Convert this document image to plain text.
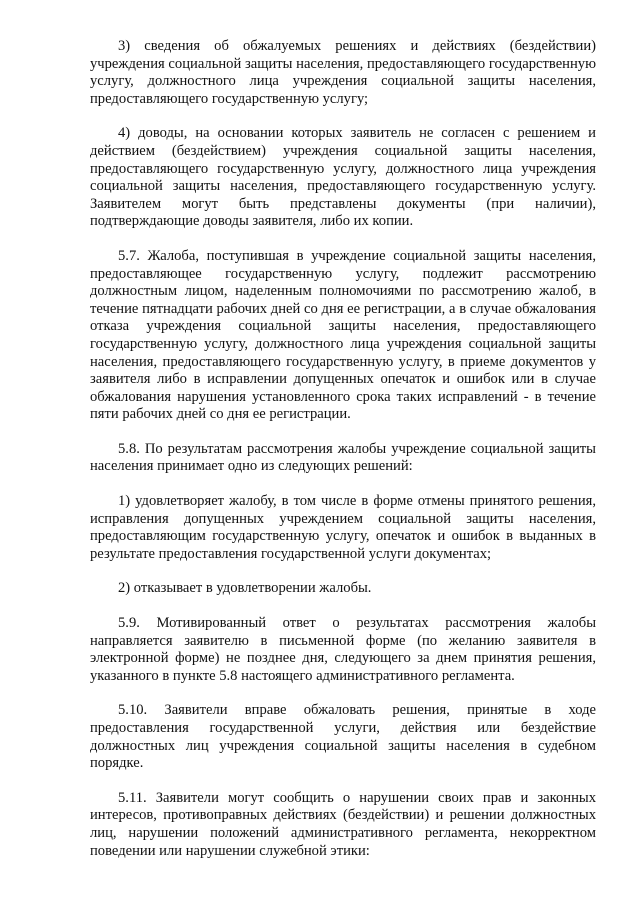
3) сведения об обжалуемых решениях и действиях (бездействии) учреждения социальной защиты населения, предоставляющего государственную услугу, должностного лица учреждения социальной защиты населения, предоставляющего государственную услугу;

4) доводы, на основании которых заявитель не согласен с решением и действием (бездействием) учреждения социальной защиты населения, предоставляющего государственную услугу, должностного лица учреждения социальной защиты населения, предоставляющего государственную услугу. Заявителем могут быть представлены документы (при наличии), подтверждающие доводы заявителя, либо их копии.

5.7. Жалоба, поступившая в учреждение социальной защиты населения, предоставляющее государственную услугу, подлежит рассмотрению должностным лицом, наделенным полномочиями по рассмотрению жалоб, в течение пятнадцати рабочих дней со дня ее регистрации, а в случае обжалования отказа учреждения социальной защиты населения, предоставляющего государственную услугу, должностного лица учреждения социальной защиты населения, предоставляющего государственную услугу, в приеме документов у заявителя либо в исправлении допущенных опечаток и ошибок или в случае обжалования нарушения установленного срока таких исправлений - в течение пяти рабочих дней со дня ее регистрации.

5.8. По результатам рассмотрения жалобы учреждение социальной защиты населения принимает одно из следующих решений:

1) удовлетворяет жалобу, в том числе в форме отмены принятого решения, исправления допущенных учреждением социальной защиты населения, предоставляющим государственную услугу, опечаток и ошибок в выданных в результате предоставления государственной услуги документах;

2) отказывает в удовлетворении жалобы.

5.9. Мотивированный ответ о результатах рассмотрения жалобы направляется заявителю в письменной форме (по желанию заявителя в электронной форме) не позднее дня, следующего за днем принятия решения, указанного в пункте 5.8 настоящего административного регламента.

5.10. Заявители вправе обжаловать решения, принятые в ходе предоставления государственной услуги, действия или бездействие должностных лиц учреждения социальной защиты населения в судебном порядке.

5.11. Заявители могут сообщить о нарушении своих прав и законных интересов, противоправных действиях (бездействии) и решении должностных лиц, нарушении положений административного регламента, некорректном поведении или нарушении служебной этики:
